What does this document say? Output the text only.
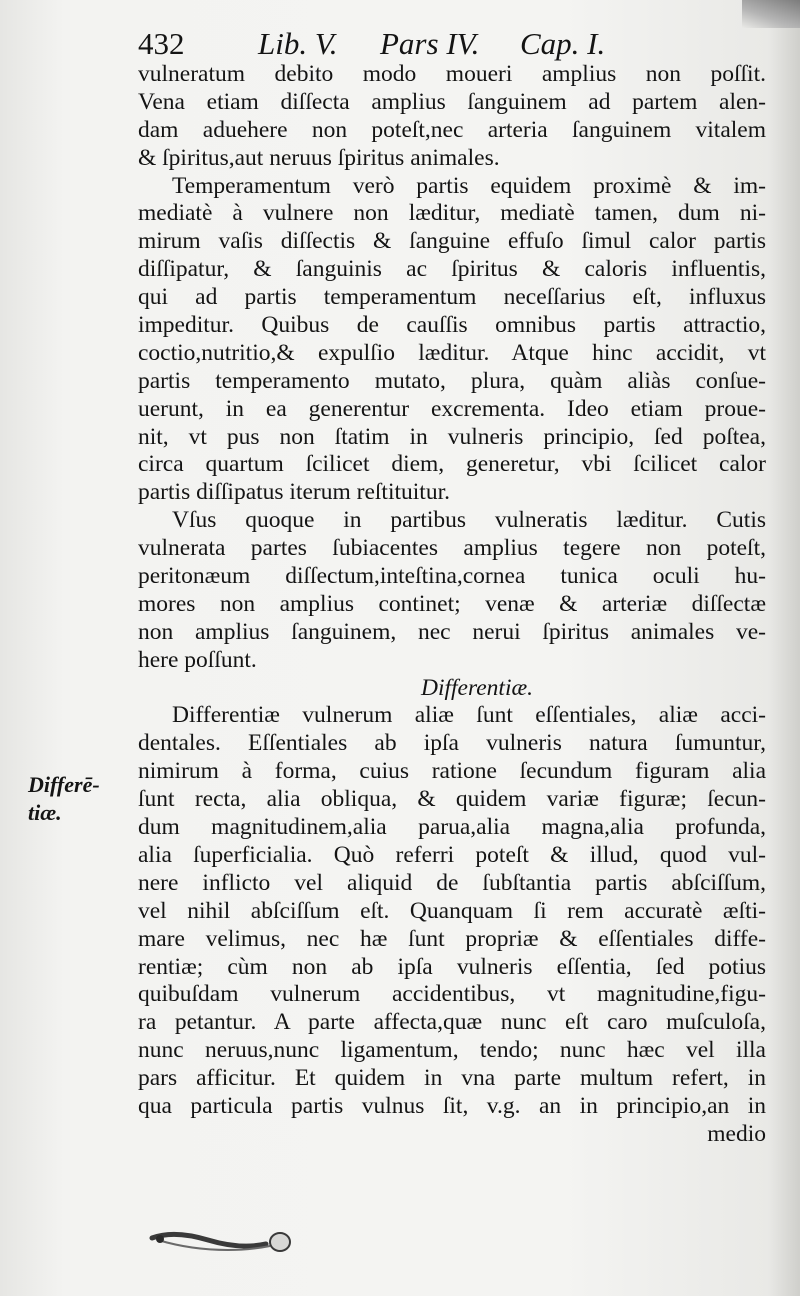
432 Lib. V. Pars IV. Cap. I.
Differē-
tiæ.
vulneratum debito modo moueri amplius non poſſit.
Vena etiam diſſecta amplius ſanguinem ad partem alen-
dam aduehere non poteſt,nec arteria ſanguinem vitalem
& ſpiritus,aut neruus ſpiritus animales.
Temperamentum verò partis equidem proximè & im-
mediatè à vulnere non læditur, mediatè tamen, dum ni-
mirum vaſis diſſectis & ſanguine effuſo ſimul calor partis
diſſipatur, & ſanguinis ac ſpiritus & caloris influentis,
qui ad partis temperamentum neceſſarius eſt, influxus
impeditur. Quibus de cauſſis omnibus partis attractio,
coctio,nutritio,& expulſio læditur. Atque hinc accidit, vt
partis temperamento mutato, plura, quàm aliàs conſue-
uerunt, in ea generentur excrementa. Ideo etiam proue-
nit, vt pus non ſtatim in vulneris principio, ſed poſtea,
circa quartum ſcilicet diem, generetur, vbi ſcilicet calor
partis diſſipatus iterum reſtituitur.
Vſus quoque in partibus vulneratis læditur. Cutis
vulnerata partes ſubiacentes amplius tegere non poteſt,
peritonæum diſſectum,inteſtina,cornea tunica oculi hu-
mores non amplius continet; venæ & arteriæ diſſectæ
non amplius ſanguinem, nec nerui ſpiritus animales ve-
here poſſunt.
Differentiæ.
Differentiæ vulnerum aliæ ſunt eſſentiales, aliæ acci-
dentales. Eſſentiales ab ipſa vulneris natura ſumuntur,
nimirum à forma, cuius ratione ſecundum figuram alia
ſunt recta, alia obliqua, & quidem variæ figuræ; ſecun-
dum magnitudinem,alia parua,alia magna,alia profunda,
alia ſuperficialia. Quò referri poteſt & illud, quod vul-
nere inflicto vel aliquid de ſubſtantia partis abſciſſum,
vel nihil abſciſſum eſt. Quanquam ſi rem accuratè æſti-
mare velimus, nec hæ ſunt propriæ & eſſentiales diffe-
rentiæ; cùm non ab ipſa vulneris eſſentia, ſed potius
quibuſdam vulnerum accidentibus, vt magnitudine,figu-
ra petantur. A parte affecta,quæ nunc eſt caro muſculoſa,
nunc neruus,nunc ligamentum, tendo; nunc hæc vel illa
pars afficitur. Et quidem in vna parte multum refert, in
qua particula partis vulnus ſit, v.g. an in principio,an in
medio
